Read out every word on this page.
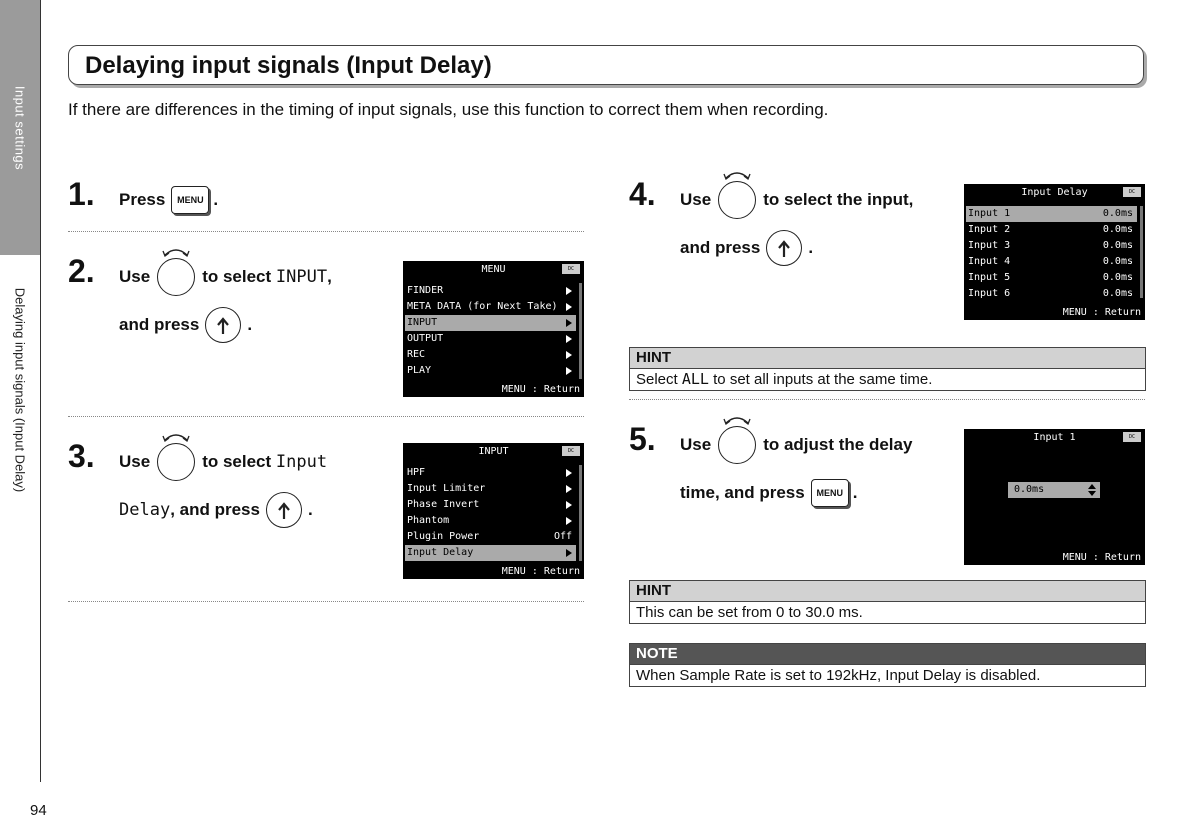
Input settings
Delaying input signals (Input Delay)
94
Delaying input signals (Input Delay)
If there are differences in the timing of input signals, use this function to correct them when recording.
1. Press	MENU .
2. Use	to select
INPUT ,
and press	.
MENU	DC
FINDER
META DATA (for Next Take)
INPUT
OUTPUT
REC
PLAY
MENU : Return
3. Use	to select
Input
Delay , and press	.
INPUT	DC
HPF
Input Limiter
Phase Invert
Phantom
Plugin Power	Off
Input Delay
MENU : Return
4. Use	to select the input,
and press	.
Input Delay	DC
Input 1	0.0ms
Input 2	0.0ms
Input 3	0.0ms
Input 4	0.0ms
Input 5	0.0ms
Input 6	0.0ms
MENU : Return
HINT
Select ALL to set all inputs at the same time.
5. Use	to adjust the delay
time, and press	MENU .
Input 1	DC
0.0ms
MENU : Return
HINT
This can be set from 0 to 30.0 ms.
NOTE
When Sample Rate is set to 192kHz, Input Delay is disabled.
